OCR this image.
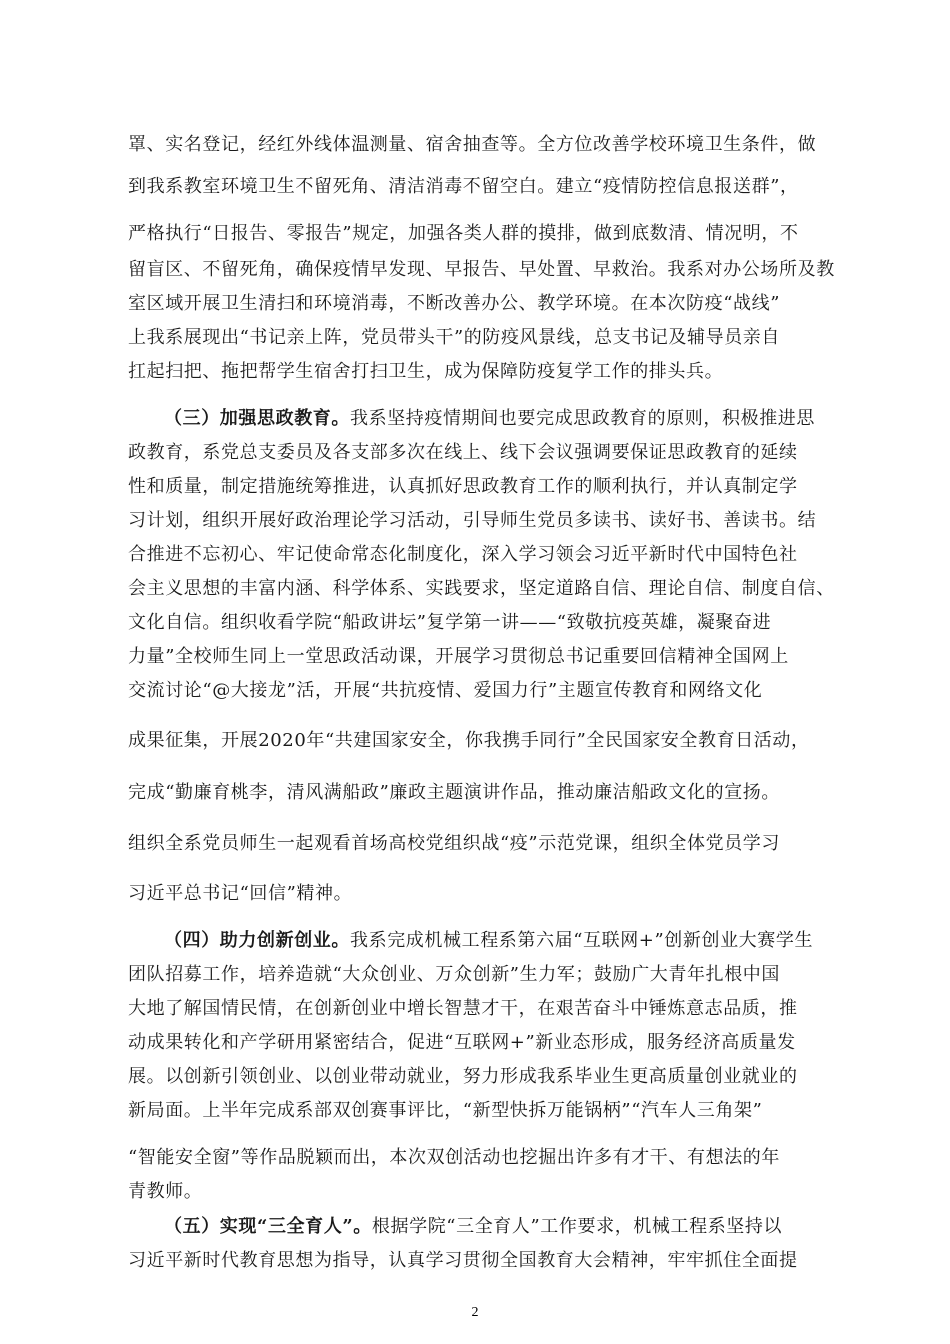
罩、实名登记，经红外线体温测量、宿舍抽查等。全方位改善学校环境卫生条件，做
到我系教室环境卫生不留死角、清洁消毒不留空白。建立“疫情防控信息报送群”，
严格执行“日报告、零报告”规定，加强各类人群的摸排，做到底数清、情况明，不
留盲区、不留死角，确保疫情早发现、早报告、早处置、早救治。我系对办公场所及教
室区域开展卫生清扫和环境消毒，不断改善办公、教学环境。在本次防疫“战线”
上我系展现出“书记亲上阵，党员带头干”的防疫风景线，总支书记及辅导员亲自
扛起扫把、拖把帮学生宿舍打扫卫生，成为保障防疫复学工作的排头兵。
（三）加强思政教育。我系坚持疫情期间也要完成思政教育的原则，积极推进思
政教育，系党总支委员及各支部多次在线上、线下会议强调要保证思政教育的延续
性和质量，制定措施统筹推进，认真抓好思政教育工作的顺利执行，并认真制定学
习计划，组织开展好政治理论学习活动，引导师生党员多读书、读好书、善读书。结
合推进不忘初心、牢记使命常态化制度化，深入学习领会习近平新时代中国特色社
会主义思想的丰富内涵、科学体系、实践要求，坚定道路自信、理论自信、制度自信、
文化自信。组织收看学院“船政讲坛”复学第一讲——“致敬抗疫英雄，凝聚奋进
力量”全校师生同上一堂思政活动课，开展学习贯彻总书记重要回信精神全国网上
交流讨论“@大接龙”活，开展“共抗疫情、爱国力行”主题宣传教育和网络文化
成果征集，开展2020年“共建国家安全，你我携手同行”全民国家安全教育日活动，
完成“勤廉育桃李，清风满船政”廉政主题演讲作品，推动廉洁船政文化的宣扬。
组织全系党员师生一起观看首场高校党组织战“疫”示范党课，组织全体党员学习
习近平总书记“回信”精神。
（四）助力创新创业。我系完成机械工程系第六届“互联网+”创新创业大赛学生
团队招募工作，培养造就“大众创业、万众创新”生力军；鼓励广大青年扎根中国
大地了解国情民情，在创新创业中增长智慧才干，在艰苦奋斗中锤炼意志品质，推
动成果转化和产学研用紧密结合，促进“互联网+”新业态形成，服务经济高质量发
展。以创新引领创业、以创业带动就业，努力形成我系毕业生更高质量创业就业的
新局面。上半年完成系部双创赛事评比，“新型快拆万能锅柄”“汽车人三角架”
“智能安全窗”等作品脱颖而出，本次双创活动也挖掘出许多有才干、有想法的年
青教师。
（五）实现“三全育人”。根据学院“三全育人”工作要求，机械工程系坚持以
习近平新时代教育思想为指导，认真学习贯彻全国教育大会精神，牢牢抓住全面提
2
